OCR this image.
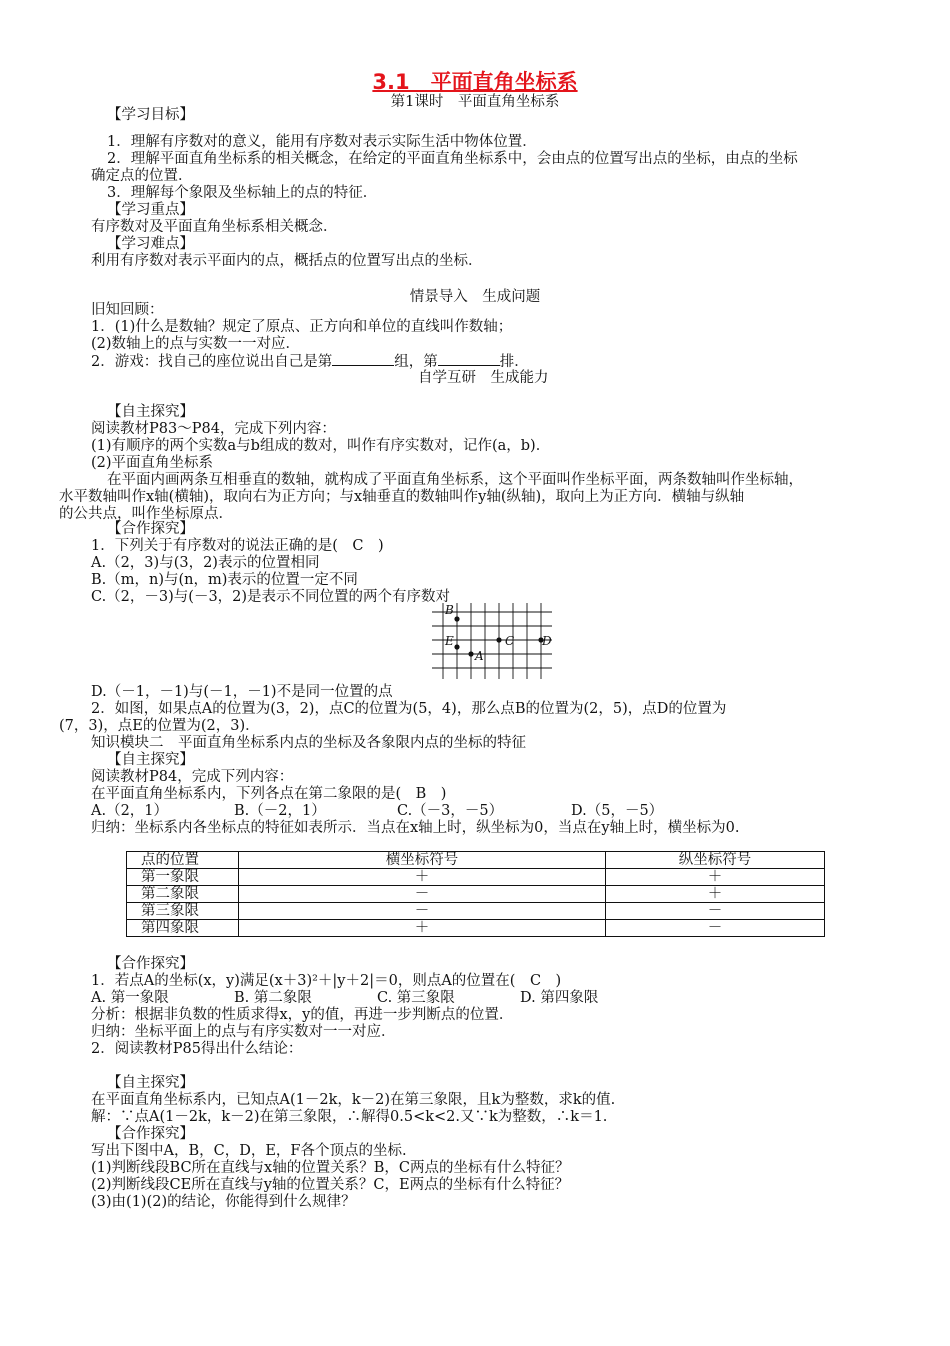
3.1　平面直角坐标系
第1课时　平面直角坐标系
【学习目标】
1．理解有序数对的意义，能用有序数对表示实际生活中物体位置．
2．理解平面直角坐标系的相关概念，在给定的平面直角坐标系中，会由点的位置写出点的坐标，由点的坐标
确定点的位置．
3．理解每个象限及坐标轴上的点的特征．
【学习重点】
有序数对及平面直角坐标系相关概念．
【学习难点】
利用有序数对表示平面内的点，概括点的位置写出点的坐标．
情景导入　生成问题
旧知回顾：
1．(1)什么是数轴？规定了原点、正方向和单位的直线叫作数轴；
(2)数轴上的点与实数一一对应．
2．游戏：找自己的座位说出自己是第	组，第	排．
自学互研　生成能力
【自主探究】
阅读教材P83～P84，完成下列内容：
(1)有顺序的两个实数a与b组成的数对，叫作有序实数对，记作(a，b)．
(2)平面直角坐标系
在平面内画两条互相垂直的数轴，就构成了平面直角坐标系，这个平面叫作坐标平面，两条数轴叫作坐标轴，
水平数轴叫作x轴(横轴)，取向右为正方向；与x轴垂直的数轴叫作y轴(纵轴)，取向上为正方向．横轴与纵轴
的公共点，叫作坐标原点．
【合作探究】
1．下列关于有序数对的说法正确的是(　C　)
A.（2，3)与(3，2)表示的位置相同
B.（m，n)与(n，m)表示的位置一定不同
C.（2，－3)与(－3，2)是表示不同位置的两个有序数对
B
E	C D
A
D.（－1，－1)与(－1，－1)不是同一位置的点
2．如图，如果点A的位置为(3，2)，点C的位置为(5，4)，那么点B的位置为(2，5)，点D的位置为
(7，3)，点E的位置为(2，3)．
知识模块二　平面直角坐标系内点的坐标及各象限内点的坐标的特征
【自主探究】
阅读教材P84，完成下列内容：
在平面直角坐标系内，下列各点在第二象限的是(　B　)
A.（2，1）	B.（－2，1）	C.（－3，－5）	D.（5，－5）
归纳：坐标系内各坐标点的特征如表所示．当点在x轴上时，纵坐标为0，当点在y轴上时，横坐标为0.
点的位置	横坐标符号	纵坐标符号
第一象限	＋	＋
第二象限	－	＋
第三象限	－	－
第四象限	＋	－
【合作探究】
1．若点A的坐标(x，y)满足(x＋3)²＋|y＋2|＝0，则点A的位置在(　C　)
A. 第一象限	B. 第二象限	C. 第三象限	D. 第四象限
分析：根据非负数的性质求得x，y的值，再进一步判断点的位置．
归纳：坐标平面上的点与有序实数对一一对应．
2．阅读教材P85得出什么结论：
【自主探究】
在平面直角坐标系内，已知点A(1－2k，k－2)在第三象限，且k为整数，求k的值.
解：∵点A(1－2k，k－2)在第三象限，∴解得0.5<k<2.又∵k为整数，∴k＝1.
【合作探究】
写出下图中A，B，C，D，E，F各个顶点的坐标.
(1)判断线段BC所在直线与x轴的位置关系？B，C两点的坐标有什么特征？
(2)判断线段CE所在直线与y轴的位置关系？C，E两点的坐标有什么特征？
(3)由(1)(2)的结论，你能得到什么规律？
